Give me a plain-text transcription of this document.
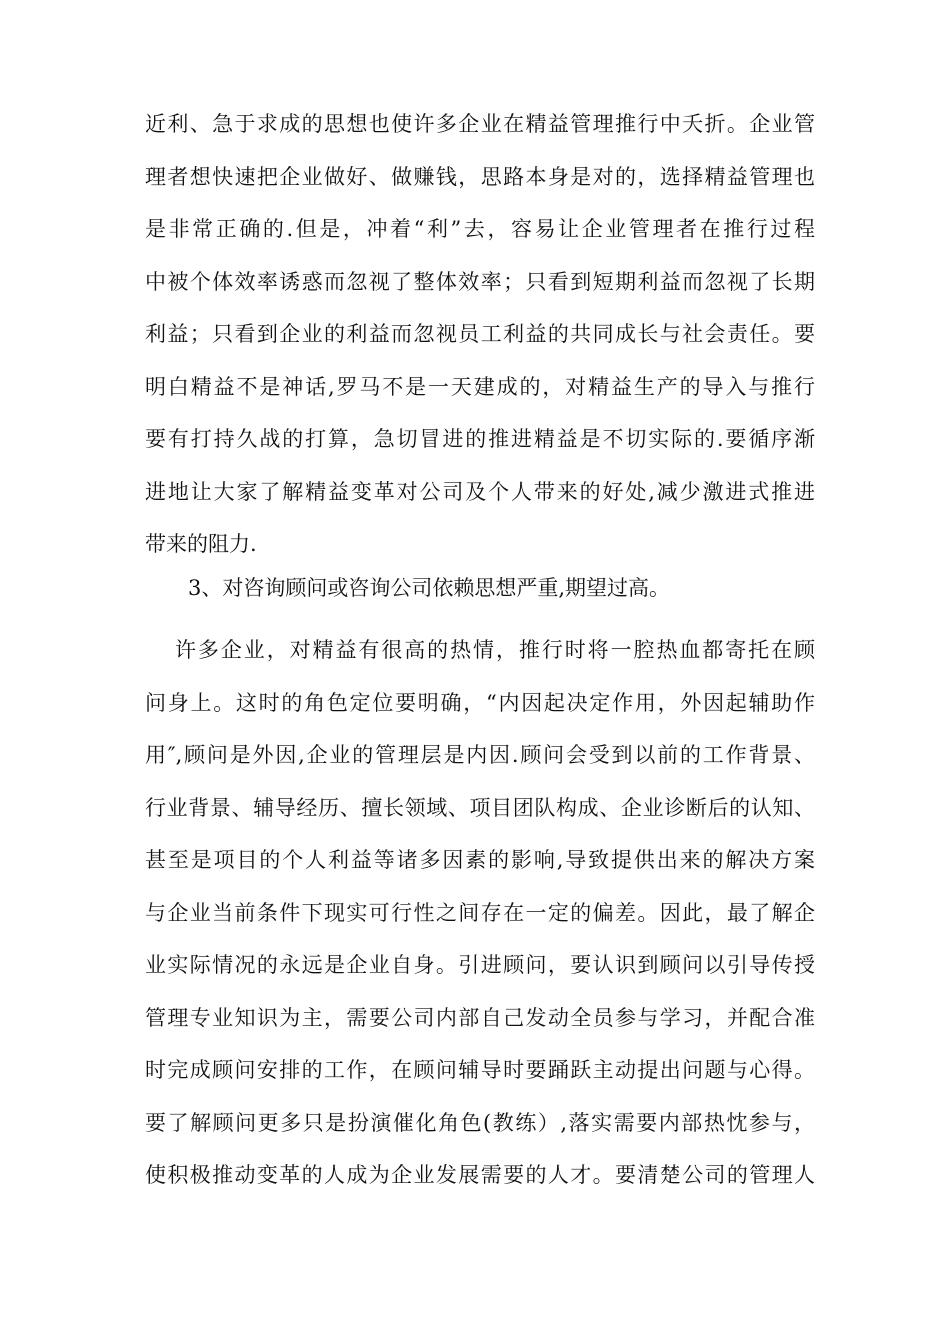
近利、急于求成的思想也使许多企业在精益管理推行中夭折。企业管
理者想快速把企业做好、做赚钱，思路本身是对的，选择精益管理也
是非常正确的.但是，冲着“利”去，容易让企业管理者在推行过程
中被个体效率诱惑而忽视了整体效率；只看到短期利益而忽视了长期
利益；只看到企业的利益而忽视员工利益的共同成长与社会责任。要
明白精益不是神话,罗马不是一天建成的，对精益生产的导入与推行
要有打持久战的打算，急切冒进的推进精益是不切实际的.要循序渐
进地让大家了解精益变革对公司及个人带来的好处,减少激进式推进
带来的阻力.
3、对咨询顾问或咨询公司依赖思想严重,期望过高。
许多企业，对精益有很高的热情，推行时将一腔热血都寄托在顾
问身上。这时的角色定位要明确，“内因起决定作用，外因起辅助作
用″,顾问是外因,企业的管理层是内因.顾问会受到以前的工作背景、
行业背景、辅导经历、擅长领域、项目团队构成、企业诊断后的认知、
甚至是项目的个人利益等诸多因素的影响,导致提供出来的解决方案
与企业当前条件下现实可行性之间存在一定的偏差。因此，最了解企
业实际情况的永远是企业自身。引进顾问，要认识到顾问以引导传授
管理专业知识为主，需要公司内部自己发动全员参与学习，并配合准
时完成顾问安排的工作，在顾问辅导时要踊跃主动提出问题与心得。
要了解顾问更多只是扮演催化角色(教练）,落实需要内部热忱参与，
使积极推动变革的人成为企业发展需要的人才。要清楚公司的管理人
